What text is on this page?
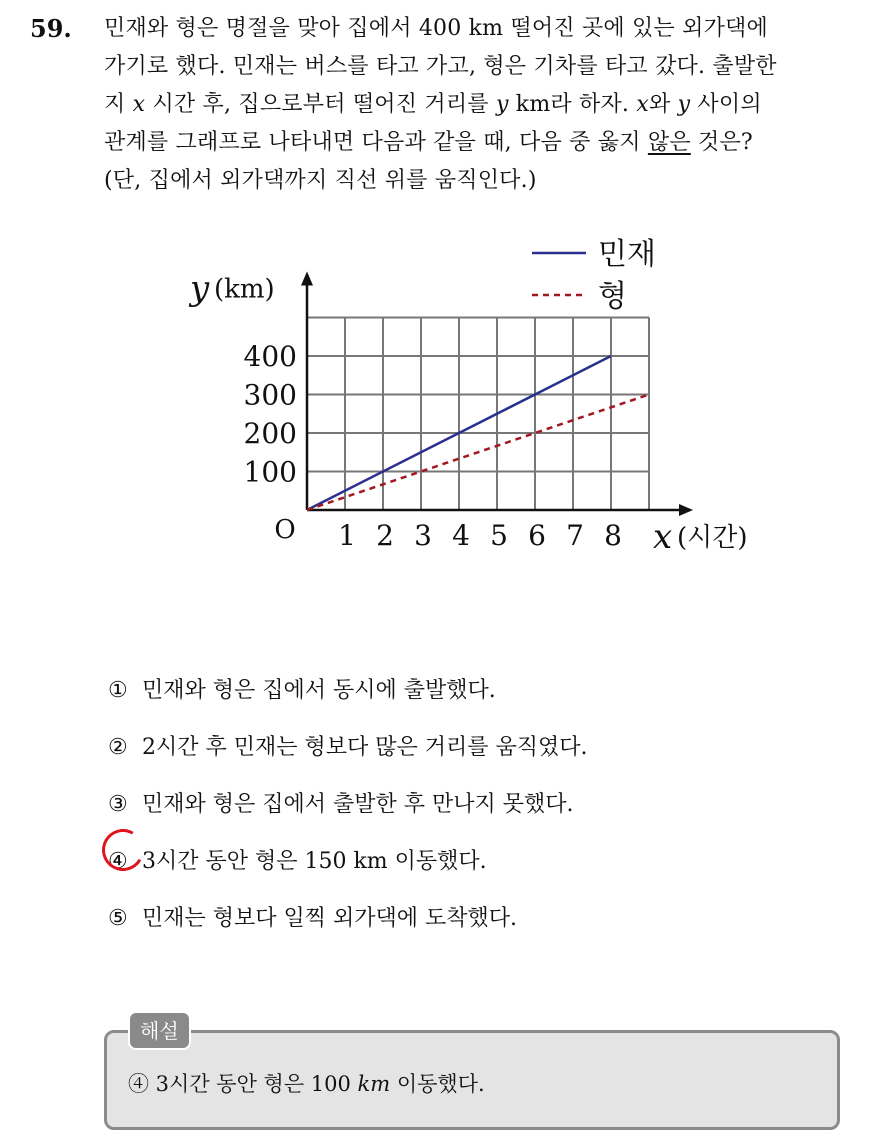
59. 민재와 형은 명절을 맞아 집에서 400 km 떨어진 곳에 있는 외가댁에
가기로 했다. 민재는 버스를 타고 가고, 형은 기차를 타고 갔다. 출발한
지 x 시간 후, 집으로부터 떨어진 거리를 y km라 하자. x와 y 사이의
관계를 그래프로 나타내면 다음과 같을 때, 다음 중 옳지 않은 것은?
(단, 집에서 외가댁까지 직선 위를 움직인다.)
1 2 3 4 5 6 7 8
100
200
300
400
O	x (시간)
y (km)
민재
형
① 민재와 형은 집에서 동시에 출발했다.
② 2시간 후 민재는 형보다 많은 거리를 움직였다.
③ 민재와 형은 집에서 출발한 후 만나지 못했다.
④ 3시간 동안 형은 150 km 이동했다.
⑤ 민재는 형보다 일찍 외가댁에 도착했다.
해설
④ 3시간 동안 형은 100 km 이동했다.
